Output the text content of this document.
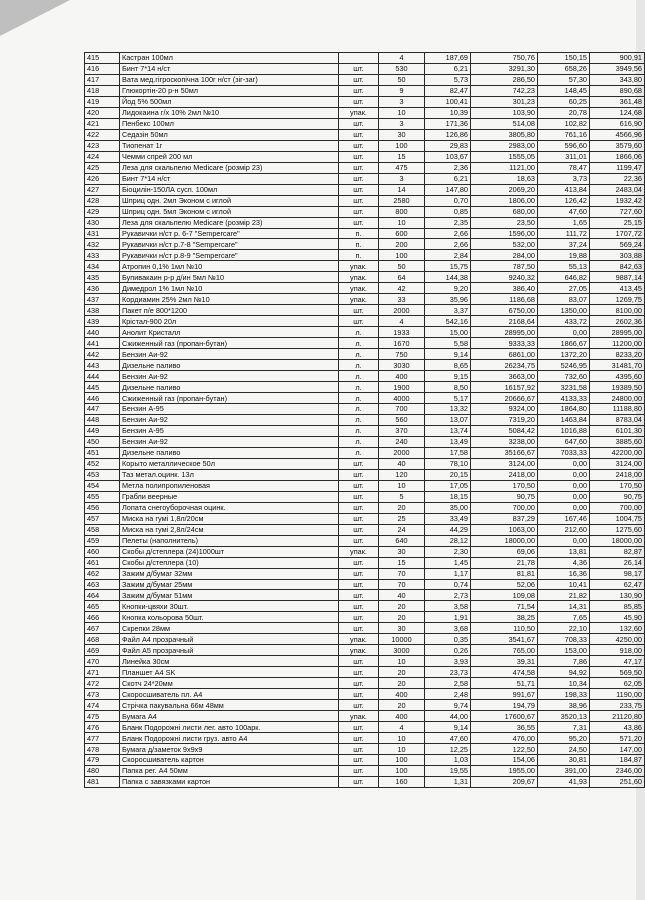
415	Кастран 100мл		4	187,69	750,76	150,15	900,91
416	Бинт 7*14 н/ст	шт.	530	6,21	3291,30	658,26	3949,56
417	Вата мед.гігроскопічна 100г н/ст (зіг-заг)	шт.	50	5,73	286,50	57,30	343,80
418	Глюкортін-20 р-н 50мл	шт.	9	82,47	742,23	148,45	890,68
419	Йод 5% 500мл	шт.	3	100,41	301,23	60,25	361,48
420	Лидокаина г/х 10% 2мл №10	упак.	10	10,39	103,90	20,78	124,68
421	Пенбекс 100мл	шт.	3	171,36	514,08	102,82	616,90
422	Седазін 50мл	шт.	30	126,86	3805,80	761,16	4566,96
423	Тиопенат 1г	шт.	100	29,83	2983,00	596,60	3579,60
424	Чемми спрей 200 мл	шт.	15	103,67	1555,05	311,01	1866,06
425	Леза для скальпелю Medicare (розмір 23)	шт.	475	2,36	1121,00	78,47	1199,47
426	Бинт 7*14 н/ст	шт.	3	6,21	18,63	3,73	22,36
427	Біоцилін-150ЛА сусп. 100мл	шт.	14	147,80	2069,20	413,84	2483,04
428	Шприц одн. 2мл Эконом с иглой	шт.	2580	0,70	1806,00	126,42	1932,42
429	Шприц одн. 5мл Эконом с иглой	шт.	800	0,85	680,00	47,60	727,60
430	Леза для скальпелю Medicare (розмір 23)	шт.	10	2,35	23,50	1,65	25,15
431	Рукавички н/ст р. 6-7 "Sempercare"	п.	600	2,66	1596,00	111,72	1707,72
432	Рукавички н/ст р.7-8 "Sempercare"	п.	200	2,66	532,00	37,24	569,24
433	Рукавички н/ст р.8-9 "Sempercare"	п.	100	2,84	284,00	19,88	303,88
434	Атропин 0,1% 1мл №10	упак.	50	15,75	787,50	55,13	842,63
435	Бупивакаин р-р д/ин 5мл №10	упак.	64	144,38	9240,32	646,82	9887,14
436	Димедрол 1% 1мл №10	упак.	42	9,20	386,40	27,05	413,45
437	Кордиамин 25% 2мл №10	упак.	33	35,96	1186,68	83,07	1269,75
438	Пакет п/е 800*1200	шт.	2000	3,37	6750,00	1350,00	8100,00
439	Крістал-900 20л	шт.	4	542,16	2168,64	433,72	2602,36
440	Анолит Кристалл	л.	1933	15,00	28995,00	0,00	28995,00
441	Сжиженный газ (пропан-бутан)	л.	1670	5,58	9333,33	1866,67	11200,00
442	Бензин Аи-92	л.	750	9,14	6861,00	1372,20	8233,20
443	Дизельне паливо	л.	3030	8,65	26234,75	5246,95	31481,70
444	Бензин Аи-92	л.	400	9,15	3663,00	732,60	4395,60
445	Дизельне паливо	л.	1900	8,50	16157,92	3231,58	19389,50
446	Сжиженный газ (пропан-бутан)	л.	4000	5,17	20666,67	4133,33	24800,00
447	Бензин А-95	л.	700	13,32	9324,00	1864,80	11188,80
448	Бензин Аи-92	л.	560	13,07	7319,20	1463,84	8783,04
449	Бензин А-95	л.	370	13,74	5084,42	1016,88	6101,30
450	Бензин Аи-92	л.	240	13,49	3238,00	647,60	3885,60
451	Дизельне паливо	л.	2000	17,58	35166,67	7033,33	42200,00
452	Корыто металлическое 50л	шт.	40	78,10	3124,00	0,00	3124,00
453	Таз метал.оцинк. 13л	шт.	120	20,15	2418,00	0,00	2418,00
454	Метла полипропиленовая	шт.	10	17,05	170,50	0,00	170,50
455	Грабли веерные	шт.	5	18,15	90,75	0,00	90,75
456	Лопата снегоуборочная оцинк.	шт.	20	35,00	700,00	0,00	700,00
457	Миска на гумі 1,8л/20см	шт.	25	33,49	837,29	167,46	1004,75
458	Миска на гумі 2,8л/24см	шт.	24	44,29	1063,00	212,60	1275,60
459	Пелеты (наполнитель)	шт.	640	28,12	18000,00	0,00	18000,00
460	Скобы д/степлера (24)1000шт	упак.	30	2,30	69,06	13,81	82,87
461	Скобы д/степлера (10)	шт.	15	1,45	21,78	4,36	26,14
462	Зажим д/бумаг 32мм	шт.	70	1,17	81,81	16,36	98,17
463	Зажим д/бумаг 25мм	шт.	70	0,74	52,06	10,41	62,47
464	Зажим д/бумаг 51мм	шт.	40	2,73	109,08	21,82	130,90
465	Кнопки-цвяхи 30шт.	шт.	20	3,58	71,54	14,31	85,85
466	Кнопка кольорова 50шт.	шт.	20	1,91	38,25	7,65	45,90
467	Скрепки 28мм	шт.	30	3,68	110,50	22,10	132,60
468	Файл А4 прозрачный	упак.	10000	0,35	3541,67	708,33	4250,00
469	Файл А5 прозрачный	упак.	3000	0,26	765,00	153,00	918,00
470	Линейка 30см	шт.	10	3,93	39,31	7,86	47,17
471	Планшет А4 SK	шт.	20	23,73	474,58	94,92	569,50
472	Скотч 24*20мм	шт.	20	2,58	51,71	10,34	62,05
473	Скоросшиватель пл. А4	шт.	400	2,48	991,67	198,33	1190,00
474	Стрічка пакувальна 66м 48мм	шт.	20	9,74	194,79	38,96	233,75
475	Бумага А4	упак.	400	44,00	17600,67	3520,13	21120,80
476	Бланк Подорожні листи лег. авто 100арк.	шт.	4	9,14	36,55	7,31	43,86
477	Бланк Подорожні листи груз. авто А4	шт.	10	47,60	476,00	95,20	571,20
478	Бумага д/заметок 9х9х9	шт.	10	12,25	122,50	24,50	147,00
479	Скоросшиватель картон	шт.	100	1,03	154,06	30,81	184,87
480	Папка рег. А4 50мм	шт.	100	19,55	1955,00	391,00	2346,00
481	Папка с завязками картон	шт.	160	1,31	209,67	41,93	251,60
